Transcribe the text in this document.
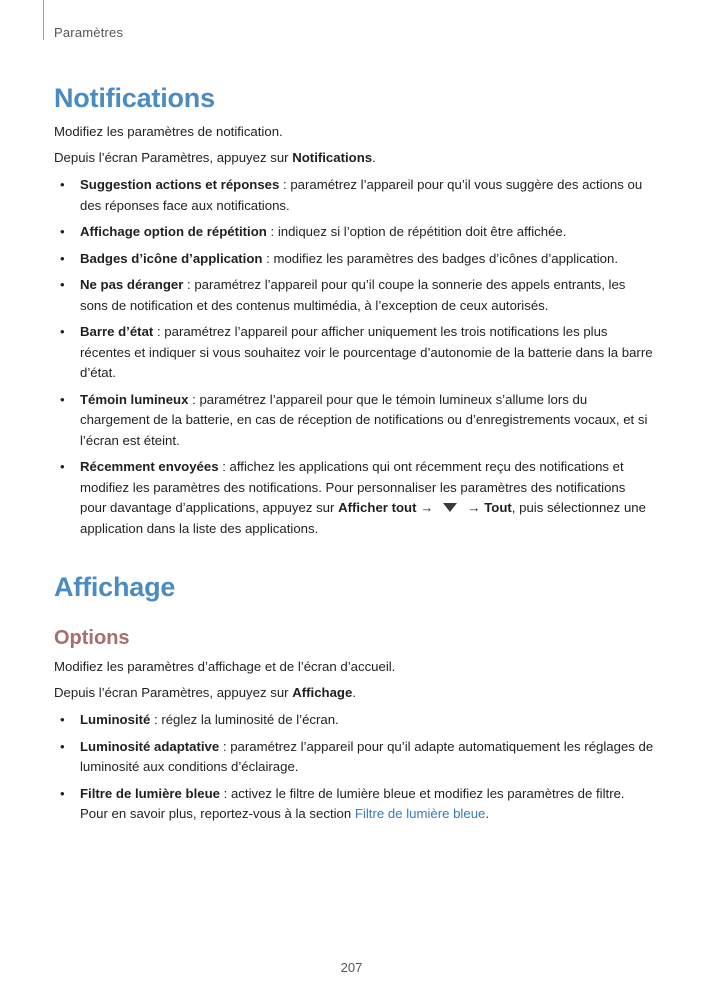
Paramètres
Notifications

Modifiez les paramètres de notification.

Depuis l’écran Paramètres, appuyez sur Notifications.

• Suggestion actions et réponses : paramétrez l’appareil pour qu’il vous suggère des actions ou des réponses face aux notifications.
• Affichage option de répétition : indiquez si l’option de répétition doit être affichée.
• Badges d’icône d’application : modifiez les paramètres des badges d’icônes d’application.
• Ne pas déranger : paramétrez l’appareil pour qu’il coupe la sonnerie des appels entrants, les sons de notification et des contenus multimédia, à l’exception de ceux autorisés.
• Barre d’état : paramétrez l’appareil pour afficher uniquement les trois notifications les plus récentes et indiquer si vous souhaitez voir le pourcentage d’autonomie de la batterie dans la barre d’état.
• Témoin lumineux : paramétrez l’appareil pour que le témoin lumineux s’allume lors du chargement de la batterie, en cas de réception de notifications ou d’enregistrements vocaux, et si l’écran est éteint.
• Récemment envoyées : affichez les applications qui ont récemment reçu des notifications et modifiez les paramètres des notifications. Pour personnaliser les paramètres des notifications pour davantage d’applications, appuyez sur Afficher tout →	→ Tout, puis sélectionnez une application dans la liste des applications.
Affichage
Options

Modifiez les paramètres d’affichage et de l’écran d’accueil.

Depuis l’écran Paramètres, appuyez sur Affichage.

• Luminosité : réglez la luminosité de l’écran.
• Luminosité adaptative : paramétrez l’appareil pour qu’il adapte automatiquement les réglages de luminosité aux conditions d’éclairage.
• Filtre de lumière bleue : activez le filtre de lumière bleue et modifiez les paramètres de filtre. Pour en savoir plus, reportez-vous à la section Filtre de lumière bleue.
207
